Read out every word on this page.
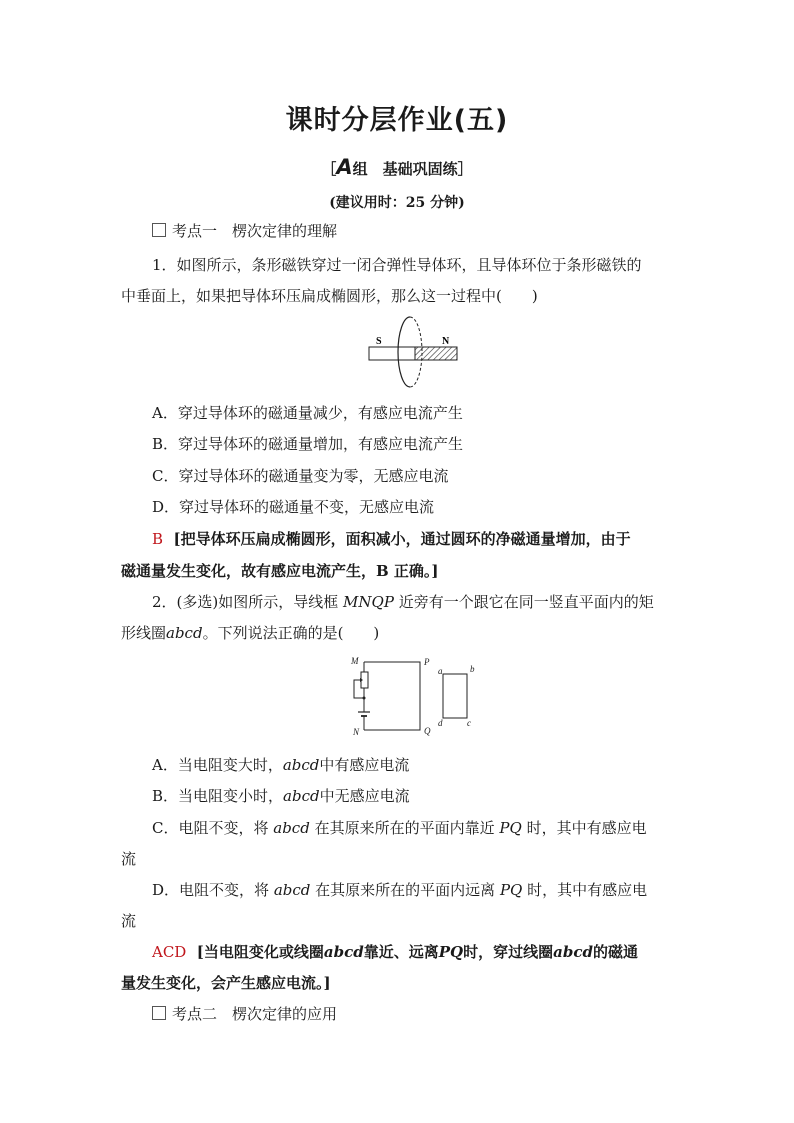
课时分层作业(五)
［A组　基础巩固练］
(建议用时：25 分钟)
考点一　楞次定律的理解
1．如图所示，条形磁铁穿过一闭合弹性导体环，且导体环位于条形磁铁的
中垂面上，如果把导体环压扁成椭圆形，那么这一过程中(　　)
S	N
A．穿过导体环的磁通量减少，有感应电流产生
B．穿过导体环的磁通量增加，有感应电流产生
C．穿过导体环的磁通量变为零，无感应电流
D．穿过导体环的磁通量不变，无感应电流
B [把导体环压扁成椭圆形，面积减小，通过圆环的净磁通量增加，由于
磁通量发生变化，故有感应电流产生，B 正确。]
2．(多选)如图所示，导线框 MNQP 近旁有一个跟它在同一竖直平面内的矩
形线圈abcd。下列说法正确的是(　　)
M	P
N	Q
a	b
d	c
A．当电阻变大时，abcd中有感应电流
B．当电阻变小时，abcd中无感应电流
C．电阻不变，将 abcd 在其原来所在的平面内靠近 PQ 时，其中有感应电
流
D．电阻不变，将 abcd 在其原来所在的平面内远离 PQ 时，其中有感应电
流
ACD [当电阻变化或线圈abcd靠近、远离PQ时，穿过线圈abcd的磁通
量发生变化，会产生感应电流。]
考点二　楞次定律的应用
